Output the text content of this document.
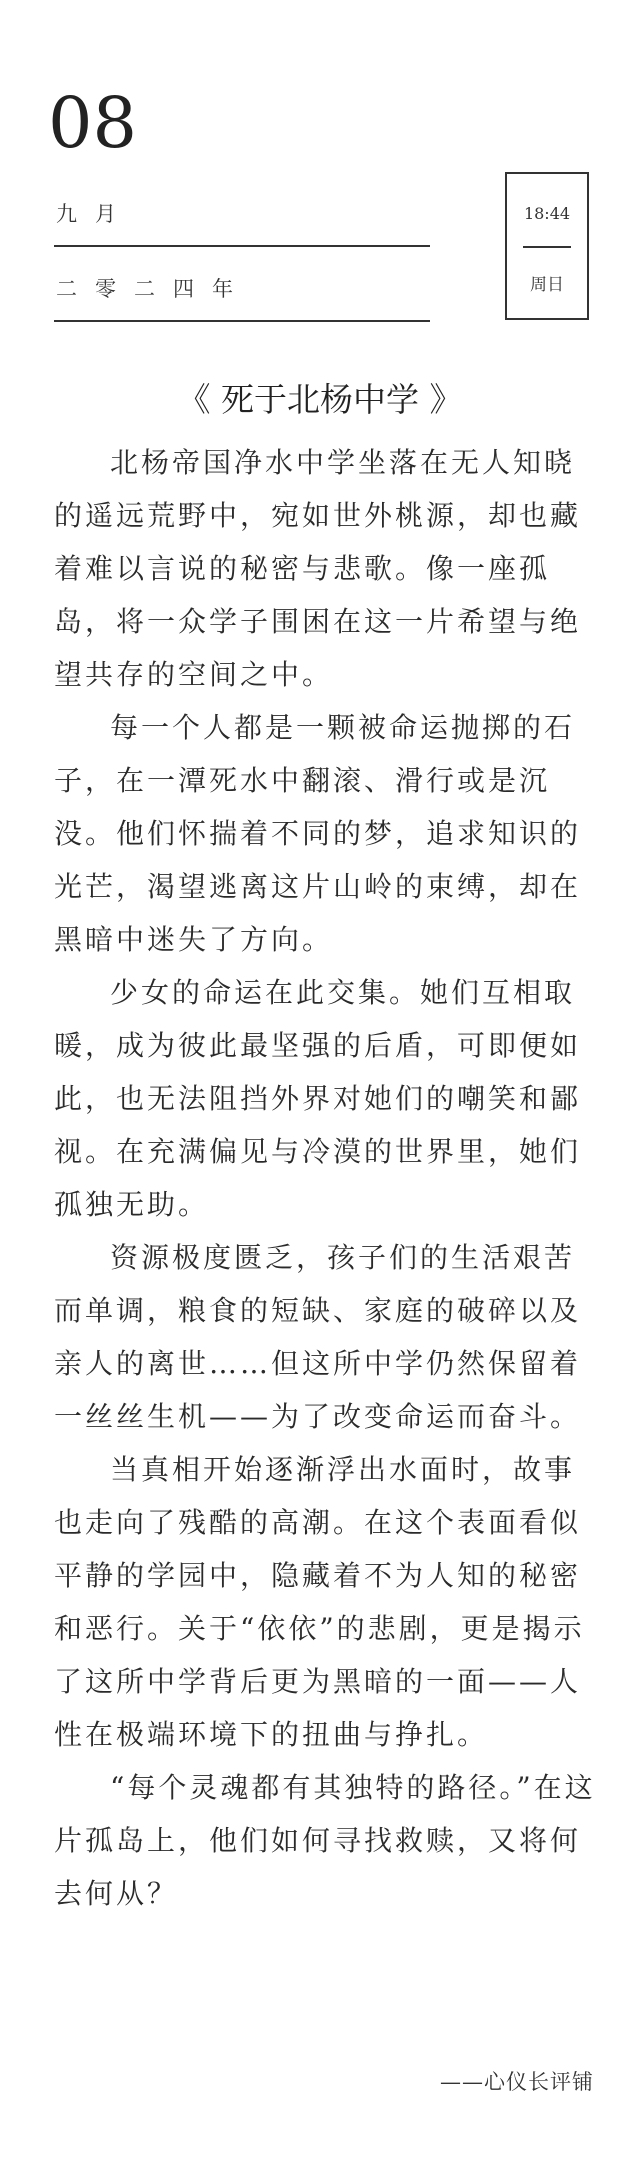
08
九月
二零二四年
18:44
周日
《 死于北杨中学 》

北杨帝国净水中学坐落在无人知晓的遥远荒野中，宛如世外桃源，却也藏着难以言说的秘密与悲歌。像一座孤岛，将一众学子围困在这一片希望与绝望共存的空间之中。

每一个人都是一颗被命运抛掷的石子，在一潭死水中翻滚、滑行或是沉没。他们怀揣着不同的梦，追求知识的光芒，渴望逃离这片山岭的束缚，却在黑暗中迷失了方向。

少女的命运在此交集。她们互相取暖，成为彼此最坚强的后盾，可即便如此，也无法阻挡外界对她们的嘲笑和鄙视。在充满偏见与冷漠的世界里，她们孤独无助。

资源极度匮乏，孩子们的生活艰苦而单调，粮食的短缺、家庭的破碎以及亲人的离世……但这所中学仍然保留着一丝丝生机——为了改变命运而奋斗。

当真相开始逐渐浮出水面时，故事也走向了残酷的高潮。在这个表面看似平静的学园中，隐藏着不为人知的秘密和恶行。关于“依依”的悲剧，更是揭示了这所中学背后更为黑暗的一面——人性在极端环境下的扭曲与挣扎。

“每个灵魂都有其独特的路径。”在这片孤岛上，他们如何寻找救赎，又将何去何从？

——心仪长评铺
